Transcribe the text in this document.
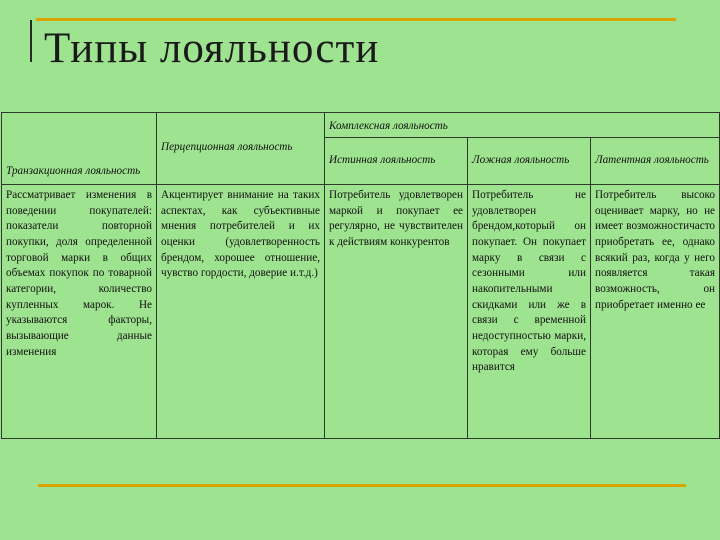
Типы лояльности
Транзакционная лояльность	Перцепционная лояльность	Комплексная лояльность		
		Истинная лояльность	Ложная лояльность	Латентная лояльность
Рассматривает изменения в поведении покупателей: показатели повторной покупки, доля определенной торговой марки в общих объемах покупок по товарной категории, количество купленных марок. Не указываются факторы, вызывающие данные изменения	Акцентирует внимание на таких аспектах, как субъективные мнения потребителей и их оценки (удовлетворенность брендом, хорошее отношение, чувство гордости, доверие и.т.д.)	Потребитель удовлетворен маркой и покупает ее регулярно, не чувствителен к действиям конкурентов	Потребитель не удовлетворен брендом,который он покупает. Он покупает марку в связи с сезонными или накопительными скидками или же в связи с временной недоступностью марки, которая ему больше нравится	Потребитель высоко оценивает марку, но не имеет возможностичасто приобретать ее, однако всякий раз, когда у него появляется такая возможность, он приобретает именно ее
